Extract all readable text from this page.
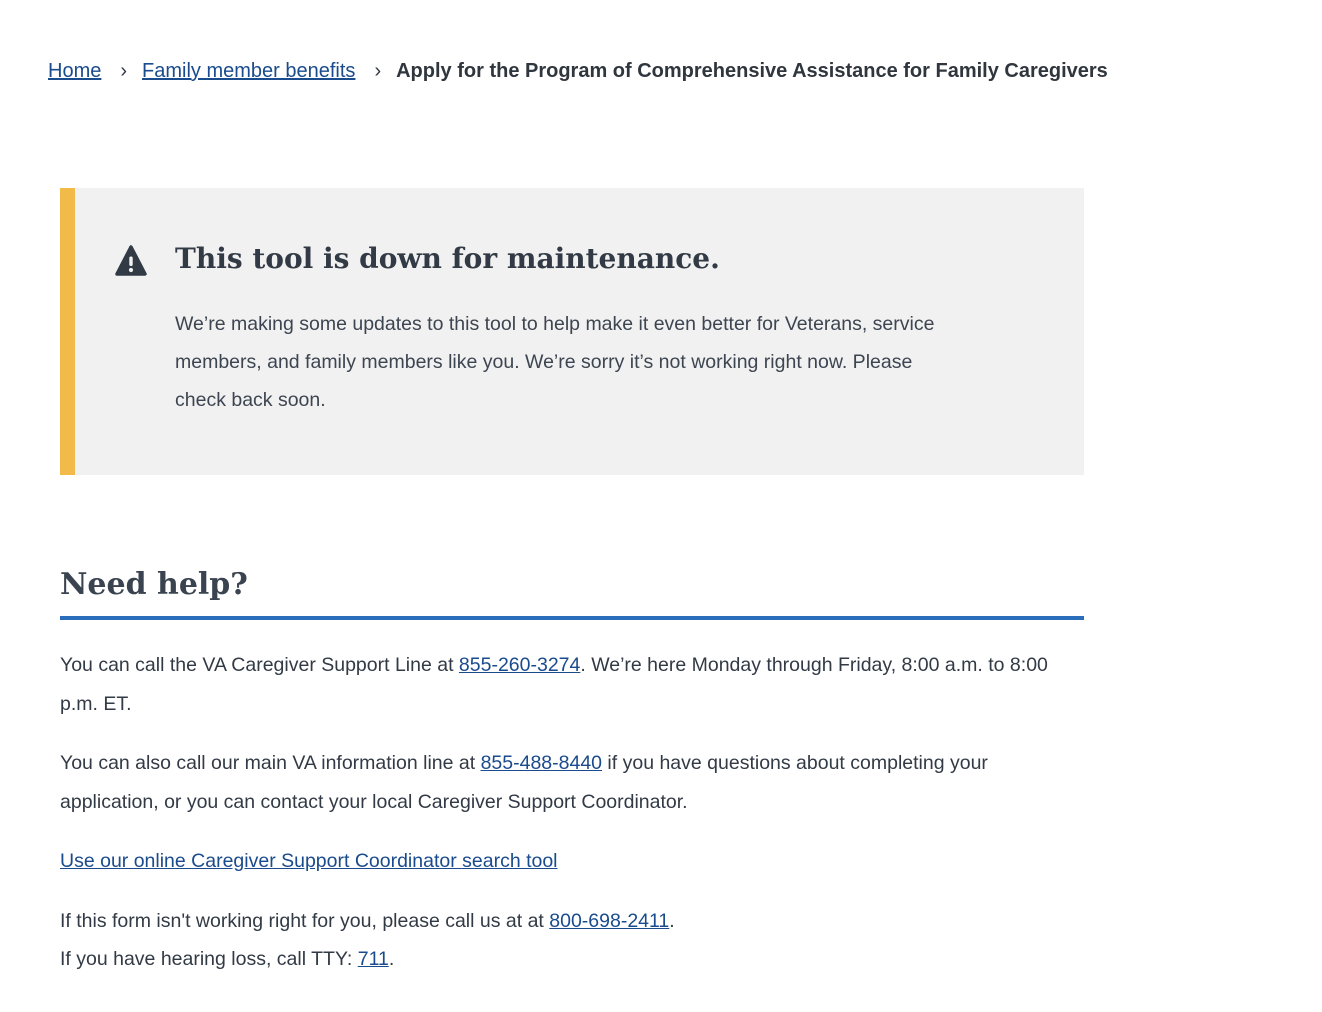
Home › Family member benefits › Apply for the Program of Comprehensive Assistance for Family Caregivers
This tool is down for maintenance.

We’re making some updates to this tool to help make it even better for Veterans, service members, and family members like you. We’re sorry it’s not working right now. Please check back soon.

Need help?

You can call the VA Caregiver Support Line at 855-260-3274. We’re here Monday through Friday, 8:00 a.m. to 8:00 p.m. ET.

You can also call our main VA information line at 855-488-8440 if you have questions about completing your application, or you can contact your local Caregiver Support Coordinator.

Use our online Caregiver Support Coordinator search tool

If this form isn't working right for you, please call us at at 800-698-2411.
If you have hearing loss, call TTY: 711.
